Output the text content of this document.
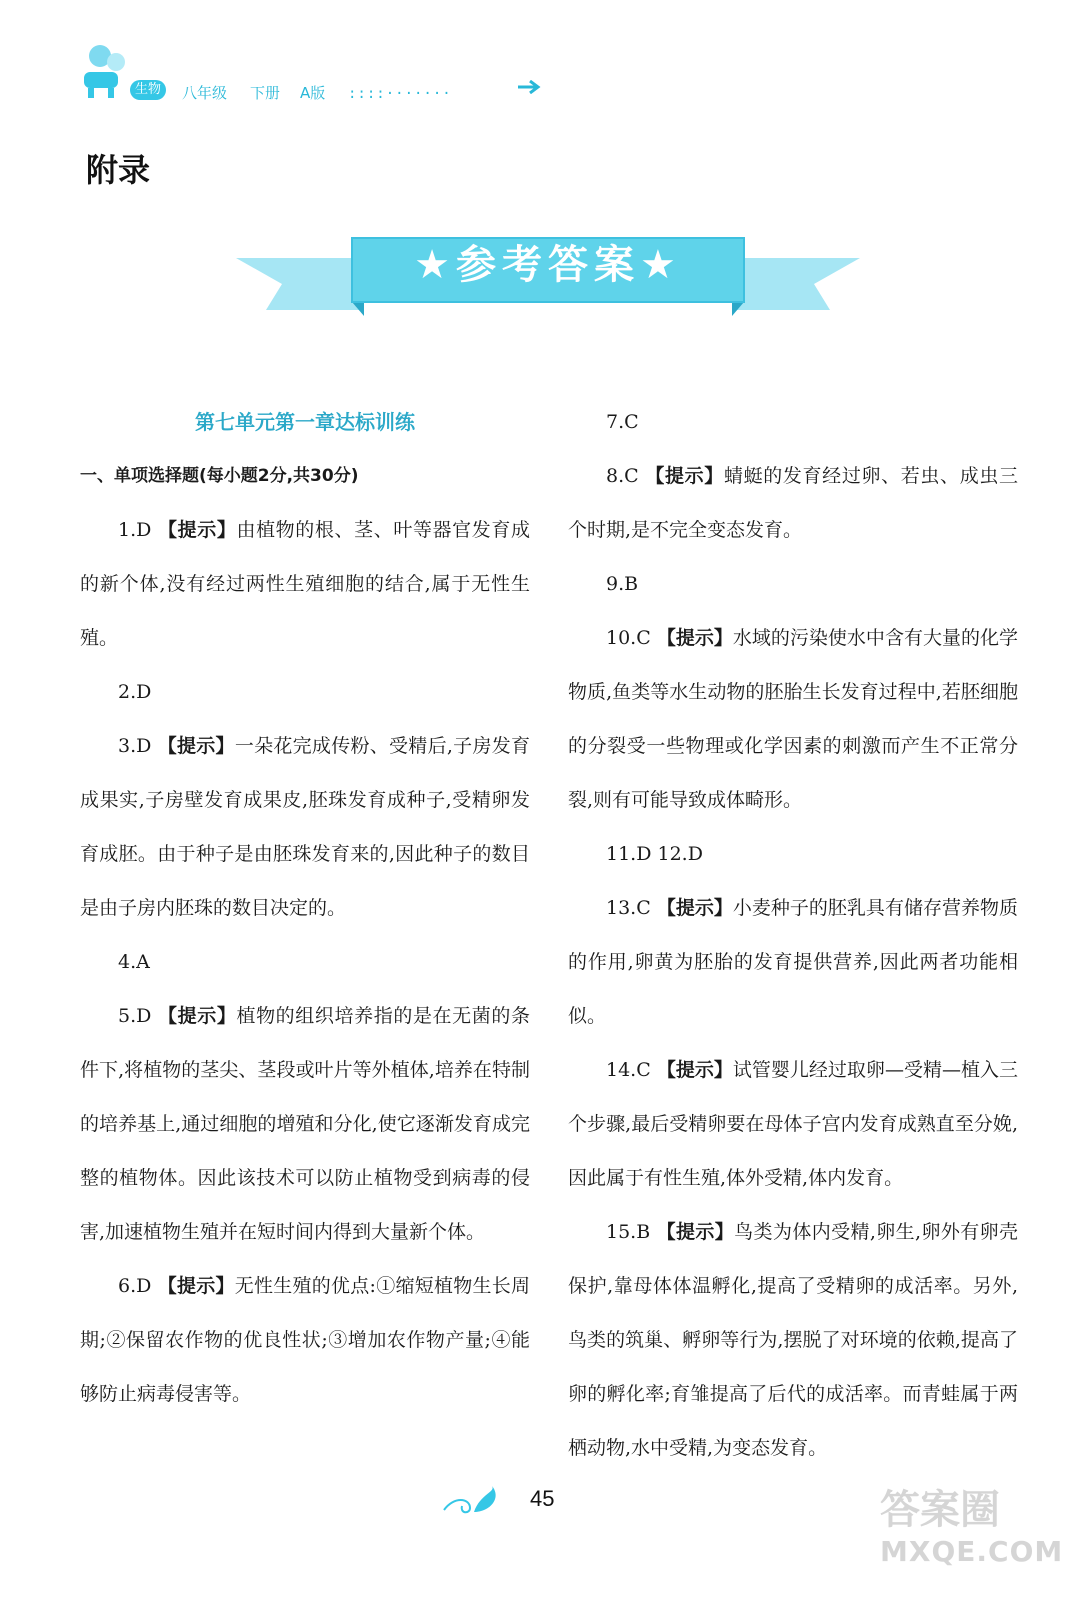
生物	八年级 下册 A版 ::::·······
附录
★参考答案★

第七单元第一章达标训练

一、单项选择题(每小题2分,共30分)

1.D 【提示】由植物的根、茎、叶等器官发育成的新个体,没有经过两性生殖细胞的结合,属于无性生殖。

2.D

3.D 【提示】一朵花完成传粉、受精后,子房发育成果实,子房壁发育成果皮,胚珠发育成种子,受精卵发育成胚。由于种子是由胚珠发育来的,因此种子的数目是由子房内胚珠的数目决定的。

4.A

5.D 【提示】植物的组织培养指的是在无菌的条件下,将植物的茎尖、茎段或叶片等外植体,培养在特制的培养基上,通过细胞的增殖和分化,使它逐渐发育成完整的植物体。因此该技术可以防止植物受到病毒的侵害,加速植物生殖并在短时间内得到大量新个体。

6.D 【提示】无性生殖的优点:①缩短植物生长周期;②保留农作物的优良性状;③增加农作物产量;④能够防止病毒侵害等。

7.C

8.C 【提示】蜻蜓的发育经过卵、若虫、成虫三个时期,是不完全变态发育。

9.B

10.C 【提示】水域的污染使水中含有大量的化学物质,鱼类等水生动物的胚胎生长发育过程中,若胚细胞的分裂受一些物理或化学因素的刺激而产生不正常分裂,则有可能导致成体畸形。

11.D 12.D

13.C 【提示】小麦种子的胚乳具有储存营养物质的作用,卵黄为胚胎的发育提供营养,因此两者功能相似。

14.C 【提示】试管婴儿经过取卵—受精—植入三个步骤,最后受精卵要在母体子宫内发育成熟直至分娩,因此属于有性生殖,体外受精,体内发育。

15.B 【提示】鸟类为体内受精,卵生,卵外有卵壳保护,靠母体体温孵化,提高了受精卵的成活率。另外,鸟类的筑巢、孵卵等行为,摆脱了对环境的依赖,提高了卵的孵化率;育雏提高了后代的成活率。而青蛙属于两栖动物,水中受精,为变态发育。

45	答案圈
MXQE.COM
